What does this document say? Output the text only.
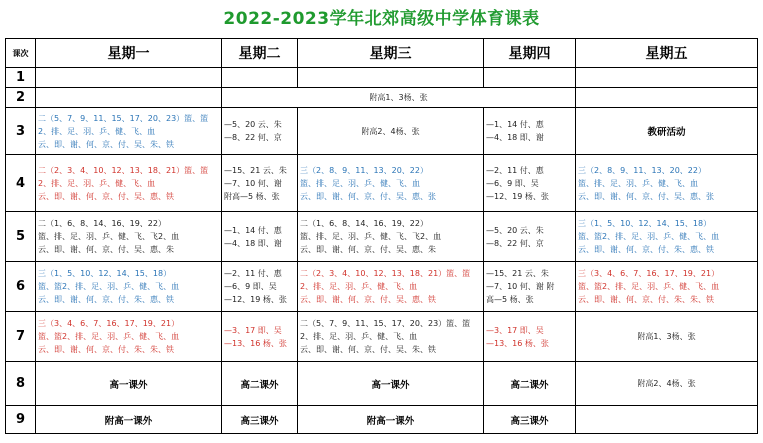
2022-2023学年北郊高级中学体育课表
课次	星期一	星期二	星期三	星期四	星期五
1					
2		附高1、3杨、张			
3	二（5、7、9、11、15、17、20、23）篮、篮2、排、足、羽、乒、健、飞、血
云、即、谢、何、京、付、吴、朱、铁	—5、20 云、朱
—8、22 何、京	附高2、4杨、张	—1、14 付、惠
—4、18 即、谢	教研活动
4	二（2、3、4、10、12、13、18、21）篮、篮2、排、足、羽、乒、健、飞、血
云、即、谢、何、京、付、吴、惠、铁	—15、21 云、朱
—7、10 何、谢
附高—5 杨、张	三（2、8、9、11、13、20、22）
篮、排、足、羽、乒、健、飞、血
云、即、谢、何、京、付、吴、惠、张	—2、11 付、惠
—6、9 即、吴
—12、19 杨、张	三（2、8、9、11、13、20、22）
篮、排、足、羽、乒、健、飞、血
云、即、谢、何、京、付、吴、惠、张
5	二（1、6、8、14、16、19、22）
篮、排、足、羽、乒、健、飞、飞2、血
云、即、谢、何、京、付、吴、惠、朱	—1、14 付、惠
—4、18 即、谢	二（1、6、8、14、16、19、22）
篮、排、足、羽、乒、健、飞、飞2、血
云、即、谢、何、京、付、吴、惠、朱	—5、20 云、朱
—8、22 何、京	三（1、5、10、12、14、15、18）
篮、篮2、排、足、羽、乒、健、飞、血
云、即、谢、何、京、付、朱、惠、铁
6	三（1、5、10、12、14、15、18）
篮、篮2、排、足、羽、乒、健、飞、血
云、即、谢、何、京、付、朱、惠、铁	—2、11 付、惠
—6、9 即、吴
—12、19 杨、张	二（2、3、4、10、12、13、18、21）篮、篮2、排、足、羽、乒、健、飞、血
云、即、谢、何、京、付、吴、惠、铁	—15、21 云、朱
—7、10 何、谢 附
高—5 杨、张	三（3、4、6、7、16、17、19、21）
篮、篮2、排、足、羽、乒、健、飞、血
云、即、谢、何、京、付、朱、朱、铁
7	三（3、4、6、7、16、17、19、21）
篮、篮2、排、足、羽、乒、健、飞、血
云、即、谢、何、京、付、朱、朱、铁	—3、17 即、吴
—13、16 杨、张	二（5、7、9、11、15、17、20、23）篮、篮2、排、足、羽、乒、健、飞、血
云、即、谢、何、京、付、吴、朱、铁	—3、17 即、吴
—13、16 杨、张	附高1、3杨、张
8	高一课外	高二课外	高一课外	高二课外	附高2、4杨、张
9	附高一课外	高三课外	附高一课外	高三课外	
